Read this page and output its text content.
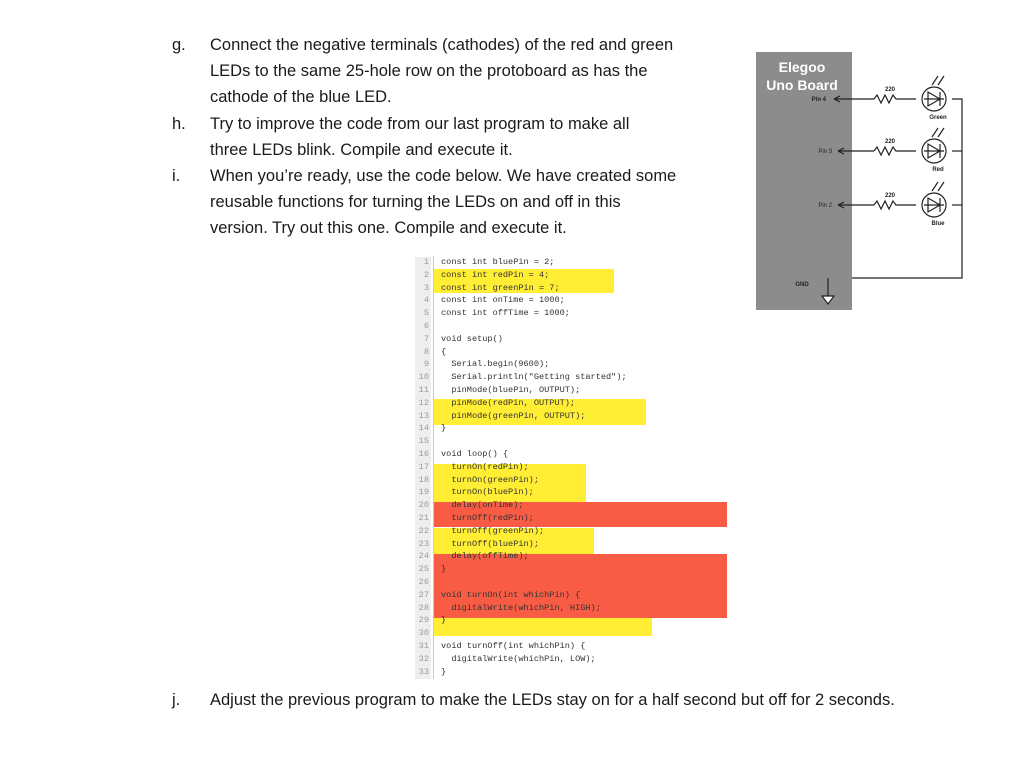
g.	Connect the negative terminals (cathodes) of the red and green
LEDs to the same 25-hole row on the protoboard as has the
cathode of the blue LED.
h.	Try to improve the code from our last program to make all
three LEDs blink. Compile and execute it.
i.	When you’re ready, use the code below. We have created some
reusable functions for turning the LEDs on and off in this
version. Try out this one. Compile and execute it.
1 const int bluePin = 2;
2 const int redPin = 4;
3 const int greenPin = 7;
4 const int onTime = 1000;
5 const int offTime = 1000;
6
7 void setup()
8 {
9 Serial.begin(9600);
10 Serial.println("Getting started");
11 pinMode(bluePin, OUTPUT);
12 pinMode(redPin, OUTPUT);
13 pinMode(greenPin, OUTPUT);
14 }
15
16 void loop() {
17 turnOn(redPin);
18 turnOn(greenPin);
19 turnOn(bluePin);
20 delay(onTime);
21 turnOff(redPin);
22 turnOff(greenPin);
23 turnOff(bluePin);
24 delay(offTime);
25 }
26
27 void turnOn(int whichPin) {
28 digitalWrite(whichPin, HIGH);
29 }
30
31 void turnOff(int whichPin) {
32 digitalWrite(whichPin, LOW);
33 }
Elegoo
Uno Board
Pin 4
Pin 3
Pin 2
GND
220
220
220
Green
Red
Blue
j. Adjust the previous program to make the LEDs stay on for a half second but off for 2 seconds.
